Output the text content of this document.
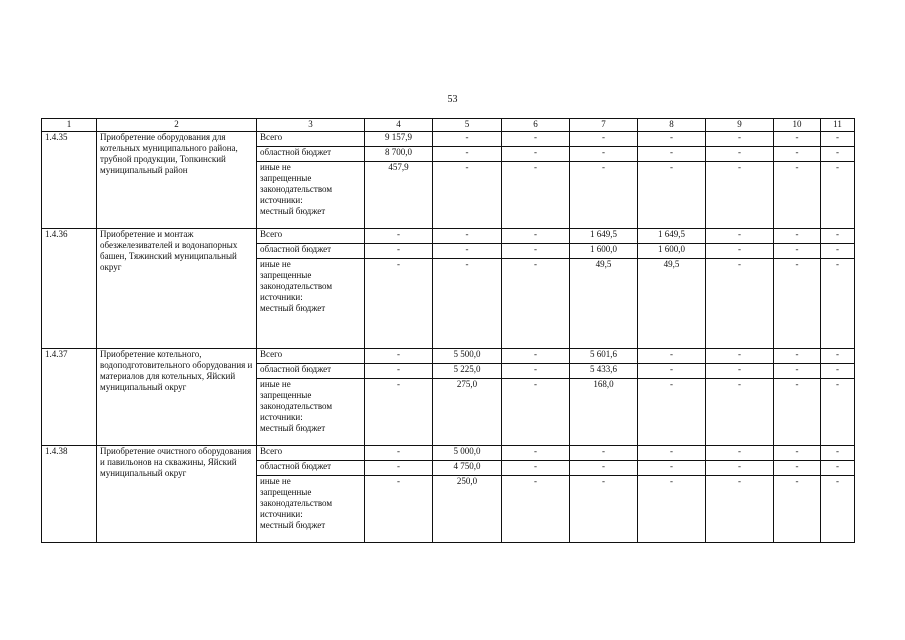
53
1	2	3	4	5	6	7	8	9	10	11
1.4.35	Приобретение оборудования для котельных муниципального района, трубной продукции, Топкинский муниципальный район	Всего	9 157,9	-	-	-	-	-	-	-
		областной бюджет	8 700,0	-	-	-	-	-	-	-
		иные не
запрещенные
законодательством
источники:
местный бюджет	457,9	-	-	-	-	-	-	-
1.4.36	Приобретение и монтаж обезжелезивателей и водонапорных башен, Тяжинский муниципальный округ	Всего	-	-	-	1 649,5	1 649,5	-	-	-
		областной бюджет	-	-	-	1 600,0	1 600,0	-	-	-
		иные не
запрещенные
законодательством
источники:
местный бюджет	-	-	-	49,5	49,5	-	-	-
1.4.37	Приобретение котельного, водоподготовительного оборудования и материалов для котельных, Яйский муниципальный округ	Всего	-	5 500,0	-	5 601,6	-	-	-	-
		областной бюджет	-	5 225,0	-	5 433,6	-	-	-	-
		иные не
запрещенные
законодательством
источники:
местный бюджет	-	275,0	-	168,0	-	-	-	-
1.4.38	Приобретение очистного оборудования и павильонов на скважины, Яйский муниципальный округ	Всего	-	5 000,0	-	-	-	-	-	-
		областной бюджет	-	4 750,0	-	-	-	-	-	-
		иные не
запрещенные
законодательством
источники:
местный бюджет	-	250,0	-	-	-	-	-	-
